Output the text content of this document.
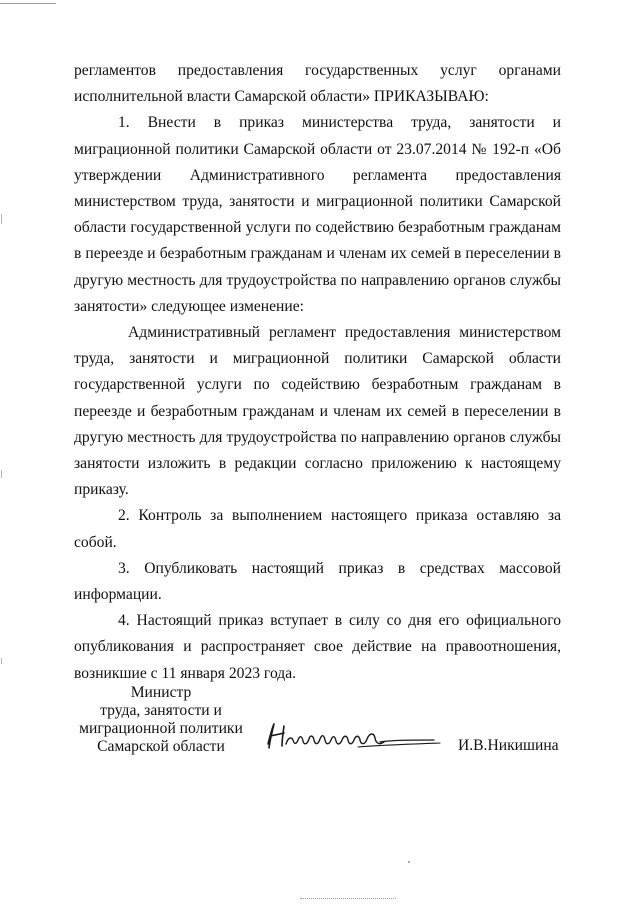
регламентов предоставления государственных услуг органами исполнительной власти Самарской области» ПРИКАЗЫВАЮ:

1. Внести в приказ министерства труда, занятости и миграционной политики Самарской области от 23.07.2014 № 192-п «Об утверждении Административного регламента предоставления министерством труда, занятости и миграционной политики Самарской области государственной услуги по содействию безработным гражданам в переезде и безработным гражданам и членам их семей в переселении в другую местность для трудоустройства по направлению органов службы занятости» следующее изменение:

Административный регламент предоставления министерством труда, занятости и миграционной политики Самарской области государственной услуги по содействию безработным гражданам в переезде и безработным гражданам и членам их семей в переселении в другую местность для трудоустройства по направлению органов службы занятости изложить в редакции согласно приложению к настоящему приказу.

2. Контроль за выполнением настоящего приказа оставляю за собой.

3. Опубликовать настоящий приказ в средствах массовой информации.

4. Настоящий приказ вступает в силу со дня его официального опубликования и распространяет свое действие на правоотношения, возникшие с 11 января 2023 года.

Министр
труда, занятости и
миграционной политики
Самарской области	И.В.Никишина
